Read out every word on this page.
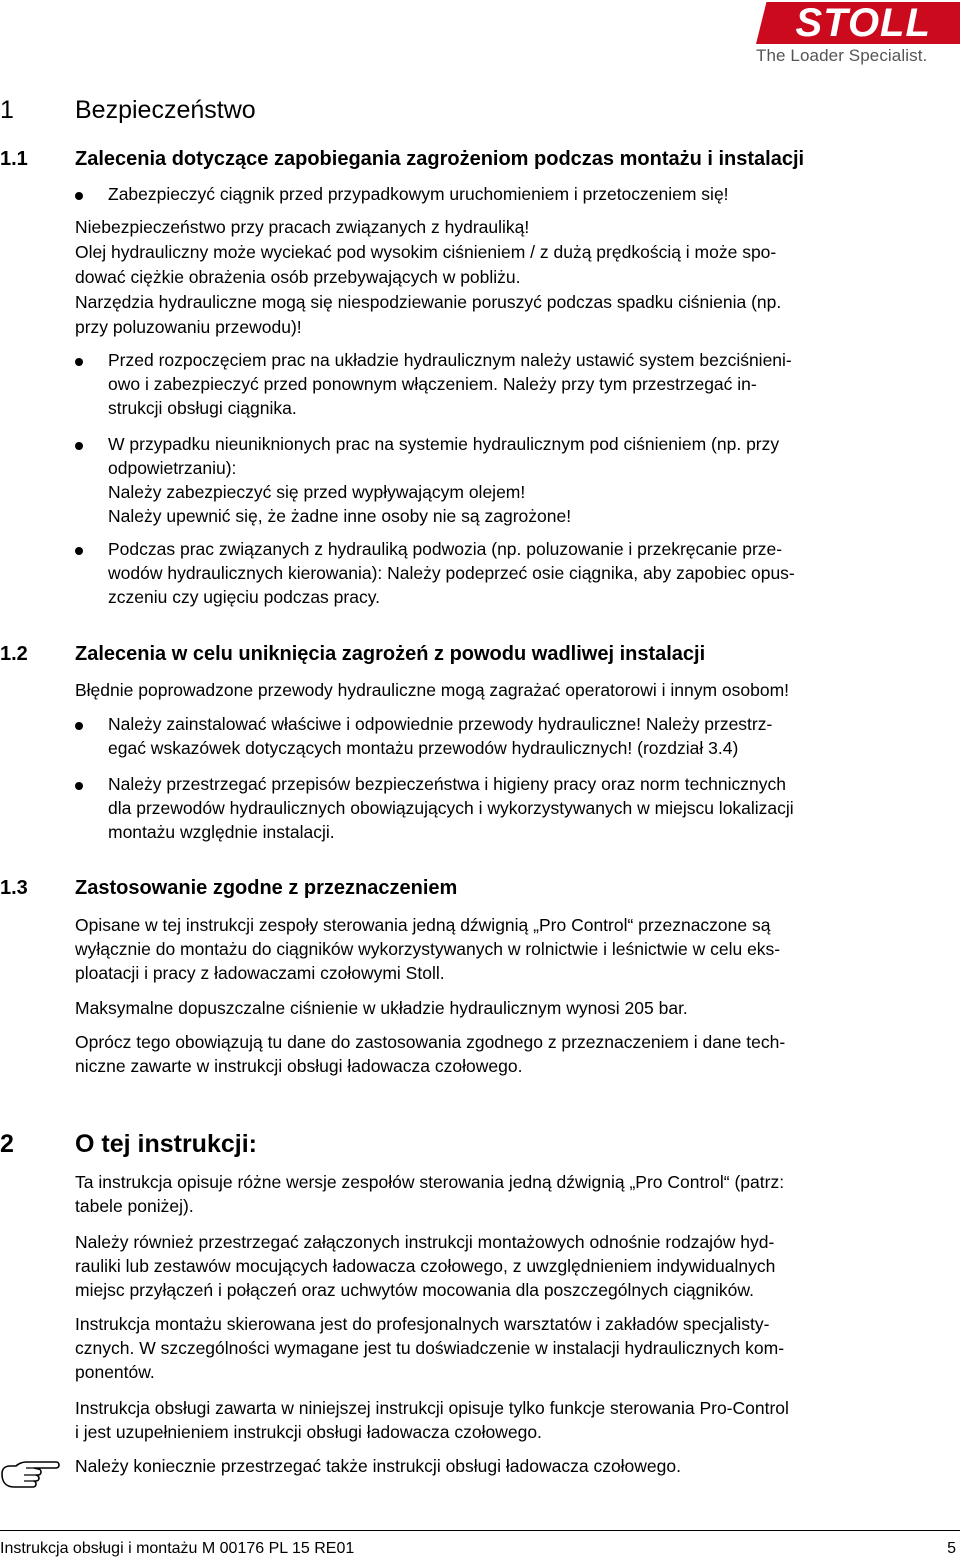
STOLL
The Loader Specialist.
1 Bezpieczeństwo
1.1 Zalecenia dotyczące zapobiegania zagrożeniom podczas montażu i instalacji
Zabezpieczyć ciągnik przed przypadkowym uruchomieniem i przetoczeniem się!
Niebezpieczeństwo przy pracach związanych z hydrauliką!
Olej hydrauliczny może wyciekać pod wysokim ciśnieniem / z dużą prędkością i może spo-
dować ciężkie obrażenia osób przebywających w pobliżu.
Narzędzia hydrauliczne mogą się niespodziewanie poruszyć podczas spadku ciśnienia (np.
przy poluzowaniu przewodu)!
Przed rozpoczęciem prac na układzie hydraulicznym należy ustawić system bezciśnieni-
owo i zabezpieczyć przed ponownym włączeniem. Należy przy tym przestrzegać in-
strukcji obsługi ciągnika.
W przypadku nieuniknionych prac na systemie hydraulicznym pod ciśnieniem (np. przy
odpowietrzaniu):
Należy zabezpieczyć się przed wypływającym olejem!
Należy upewnić się, że żadne inne osoby nie są zagrożone!
Podczas prac związanych z hydrauliką podwozia (np. poluzowanie i przekręcanie prze-
wodów hydraulicznych kierowania): Należy podeprzeć osie ciągnika, aby zapobiec opus-
zczeniu czy ugięciu podczas pracy.
1.2 Zalecenia w celu uniknięcia zagrożeń z powodu wadliwej instalacji
Błędnie poprowadzone przewody hydrauliczne mogą zagrażać operatorowi i innym osobom!
Należy zainstalować właściwe i odpowiednie przewody hydrauliczne! Należy przestrz-
egać wskazówek dotyczących montażu przewodów hydraulicznych! (rozdział 3.4)
Należy przestrzegać przepisów bezpieczeństwa i higieny pracy oraz norm technicznych
dla przewodów hydraulicznych obowiązujących i wykorzystywanych w miejscu lokalizacji
montażu względnie instalacji.
1.3 Zastosowanie zgodne z przeznaczeniem
Opisane w tej instrukcji zespoły sterowania jedną dźwignią „Pro Control“ przeznaczone są
wyłącznie do montażu do ciągników wykorzystywanych w rolnictwie i leśnictwie w celu eks-
ploatacji i pracy z ładowaczami czołowymi Stoll.
Maksymalne dopuszczalne ciśnienie w układzie hydraulicznym wynosi 205 bar.
Oprócz tego obowiązują tu dane do zastosowania zgodnego z przeznaczeniem i dane tech-
niczne zawarte w instrukcji obsługi ładowacza czołowego.
2 O tej instrukcji:
Ta instrukcja opisuje różne wersje zespołów sterowania jedną dźwignią „Pro Control“ (patrz:
tabele poniżej).
Należy również przestrzegać załączonych instrukcji montażowych odnośnie rodzajów hyd-
rauliki lub zestawów mocujących ładowacza czołowego, z uwzględnieniem indywidualnych
miejsc przyłączeń i połączeń oraz uchwytów mocowania dla poszczególnych ciągników.
Instrukcja montażu skierowana jest do profesjonalnych warsztatów i zakładów specjalisty-
cznych. W szczególności wymagane jest tu doświadczenie w instalacji hydraulicznych kom-
ponentów.
Instrukcja obsługi zawarta w niniejszej instrukcji opisuje tylko funkcje sterowania Pro-Control
i jest uzupełnieniem instrukcji obsługi ładowacza czołowego.
Należy koniecznie przestrzegać także instrukcji obsługi ładowacza czołowego.
Instrukcja obsługi i montażu M 00176 PL 15 RE01	5
